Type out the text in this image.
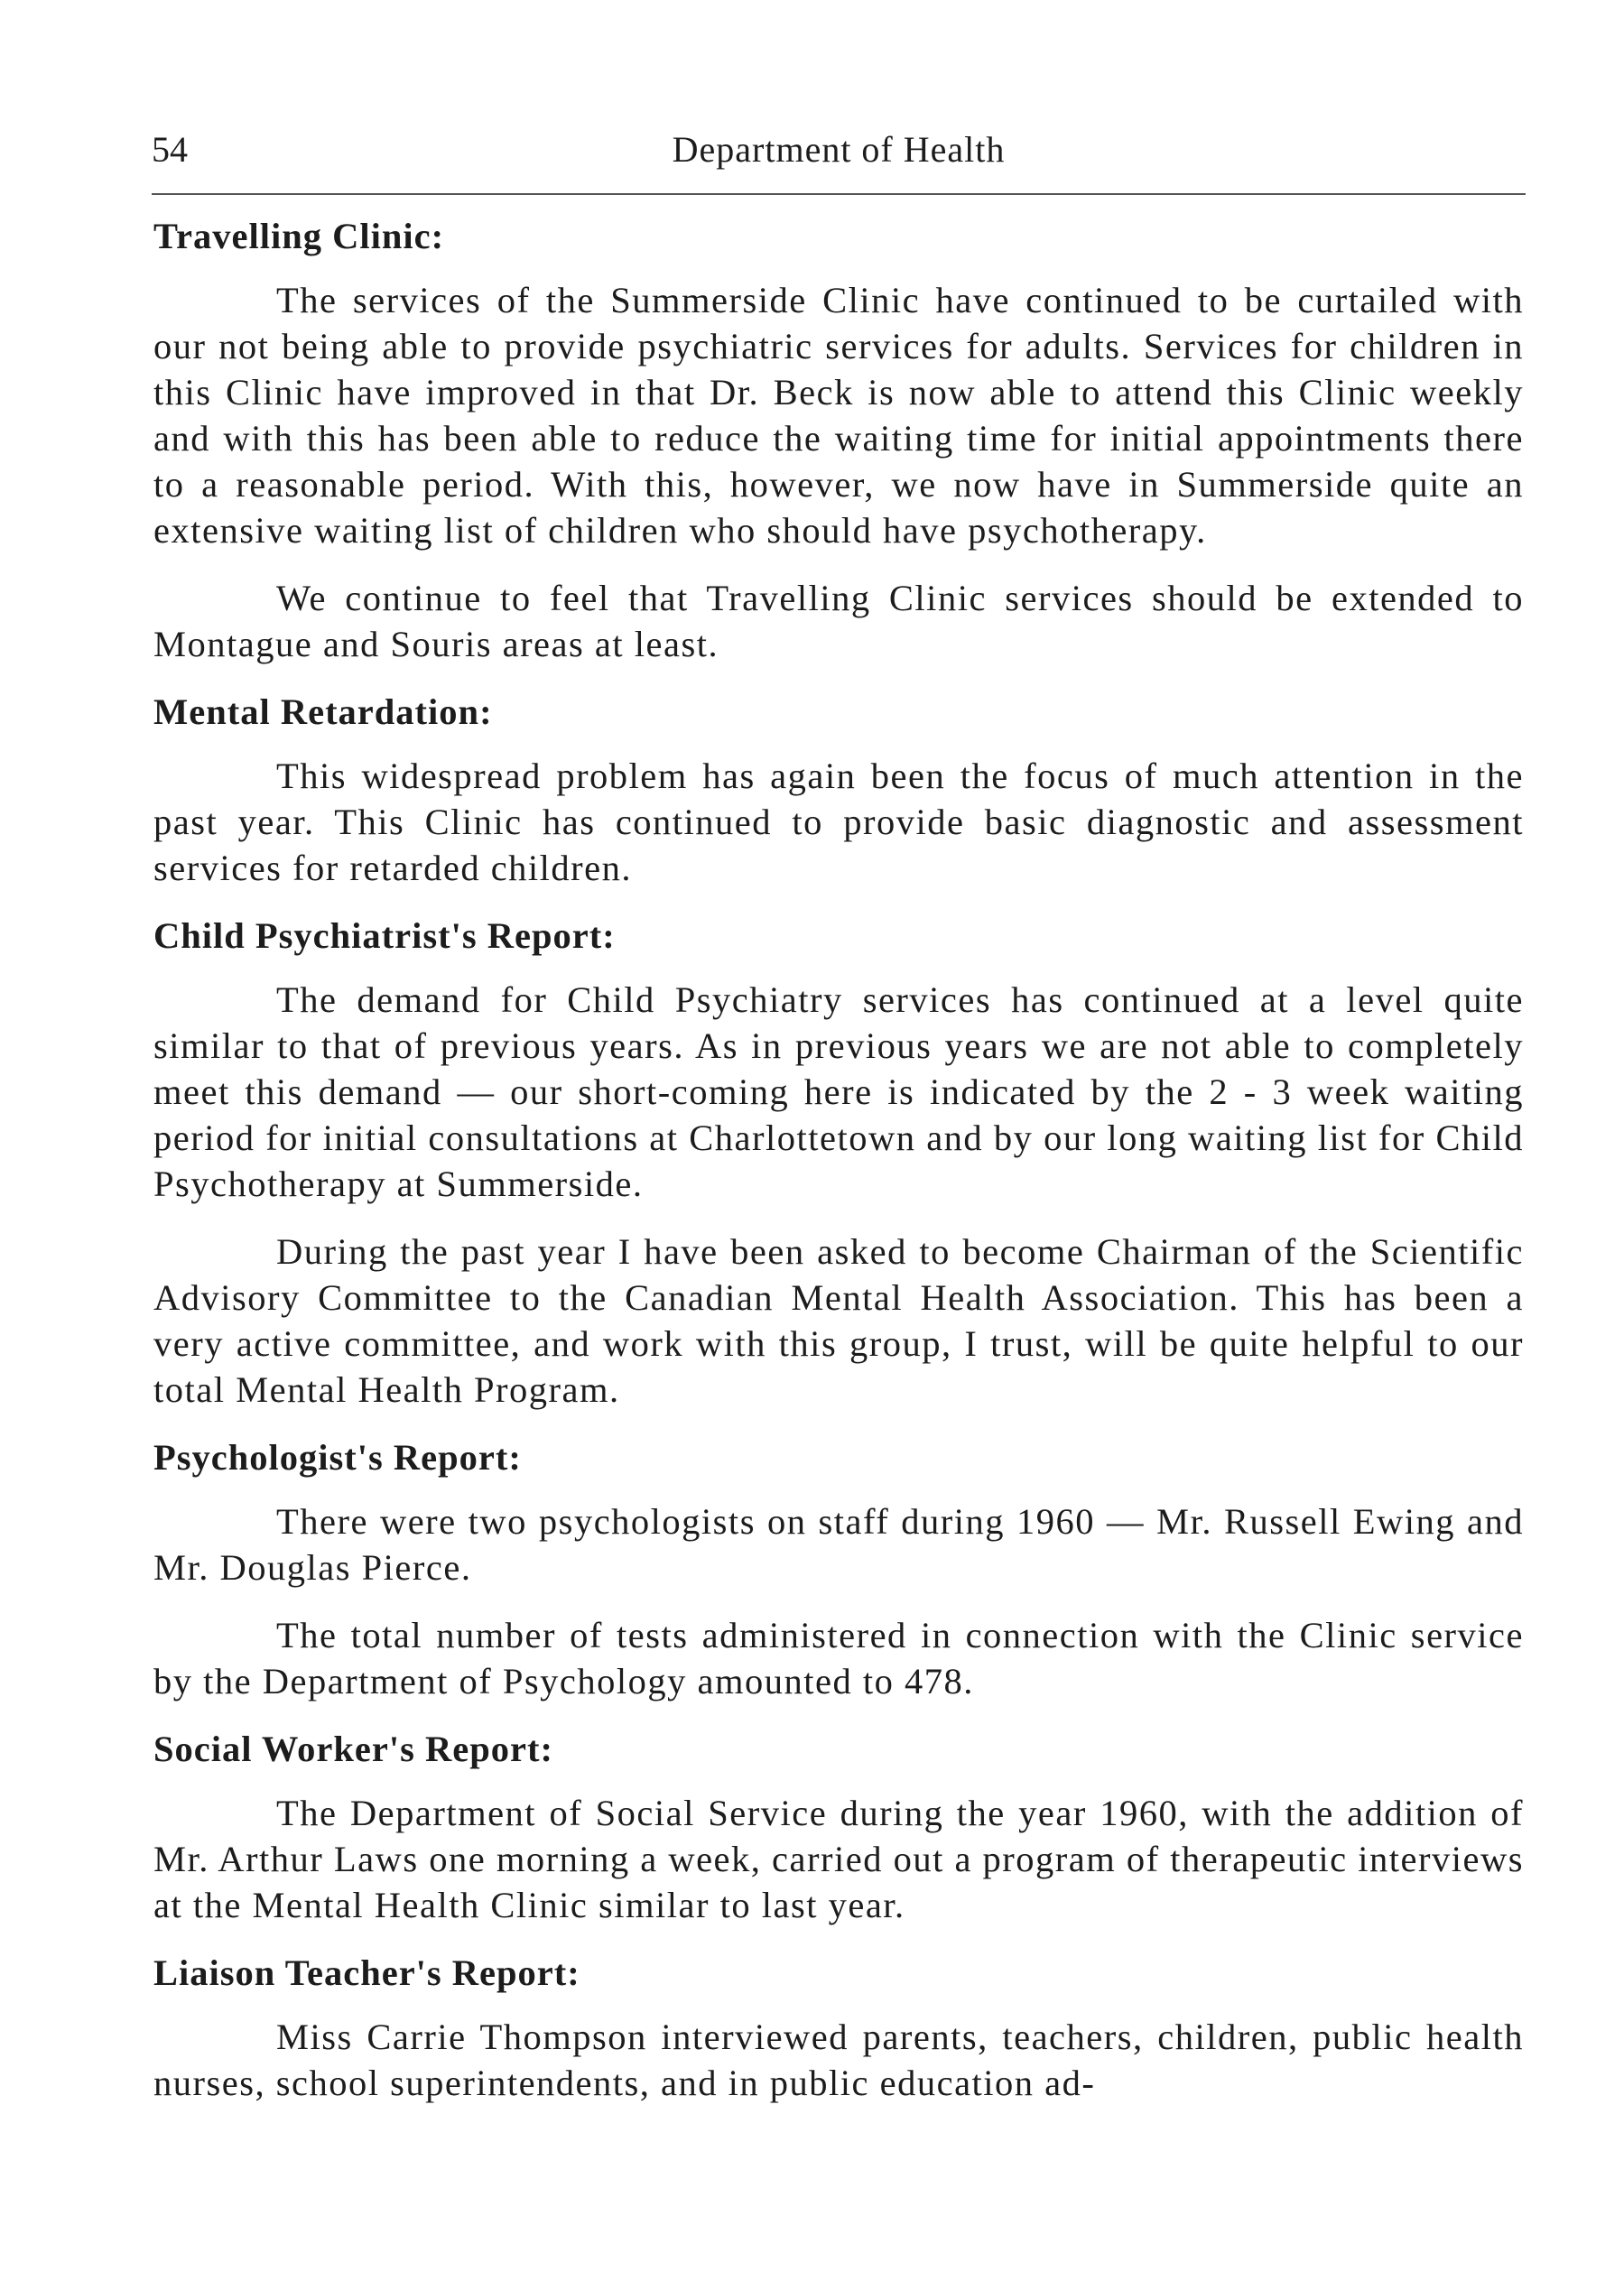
54	Department of Health
Travelling Clinic:

The services of the Summerside Clinic have continued to be curtailed with our not being able to provide psychiatric services for adults. Services for children in this Clinic have improved in that Dr. Beck is now able to attend this Clinic weekly and with this has been able to reduce the waiting time for initial appointments there to a reasonable period. With this, however, we now have in Summerside quite an extensive waiting list of children who should have psychotherapy.

We continue to feel that Travelling Clinic services should be extended to Montague and Souris areas at least.

Mental Retardation:

This widespread problem has again been the focus of much attention in the past year. This Clinic has continued to provide basic diagnostic and assessment services for retarded children.

Child Psychiatrist's Report:

The demand for Child Psychiatry services has continued at a level quite similar to that of previous years. As in previous years we are not able to completely meet this demand — our short-coming here is indicated by the 2 - 3 week waiting period for initial consultations at Charlottetown and by our long waiting list for Child Psychotherapy at Summerside.

During the past year I have been asked to become Chairman of the Scientific Advisory Committee to the Canadian Mental Health Association. This has been a very active committee, and work with this group, I trust, will be quite helpful to our total Mental Health Program.

Psychologist's Report:

There were two psychologists on staff during 1960 — Mr. Russell Ewing and Mr. Douglas Pierce.

The total number of tests administered in connection with the Clinic service by the Department of Psychology amounted to 478.

Social Worker's Report:

The Department of Social Service during the year 1960, with the addition of Mr. Arthur Laws one morning a week, carried out a program of therapeutic interviews at the Mental Health Clinic similar to last year.

Liaison Teacher's Report:

Miss Carrie Thompson interviewed parents, teachers, children, public health nurses, school superintendents, and in public education ad-
